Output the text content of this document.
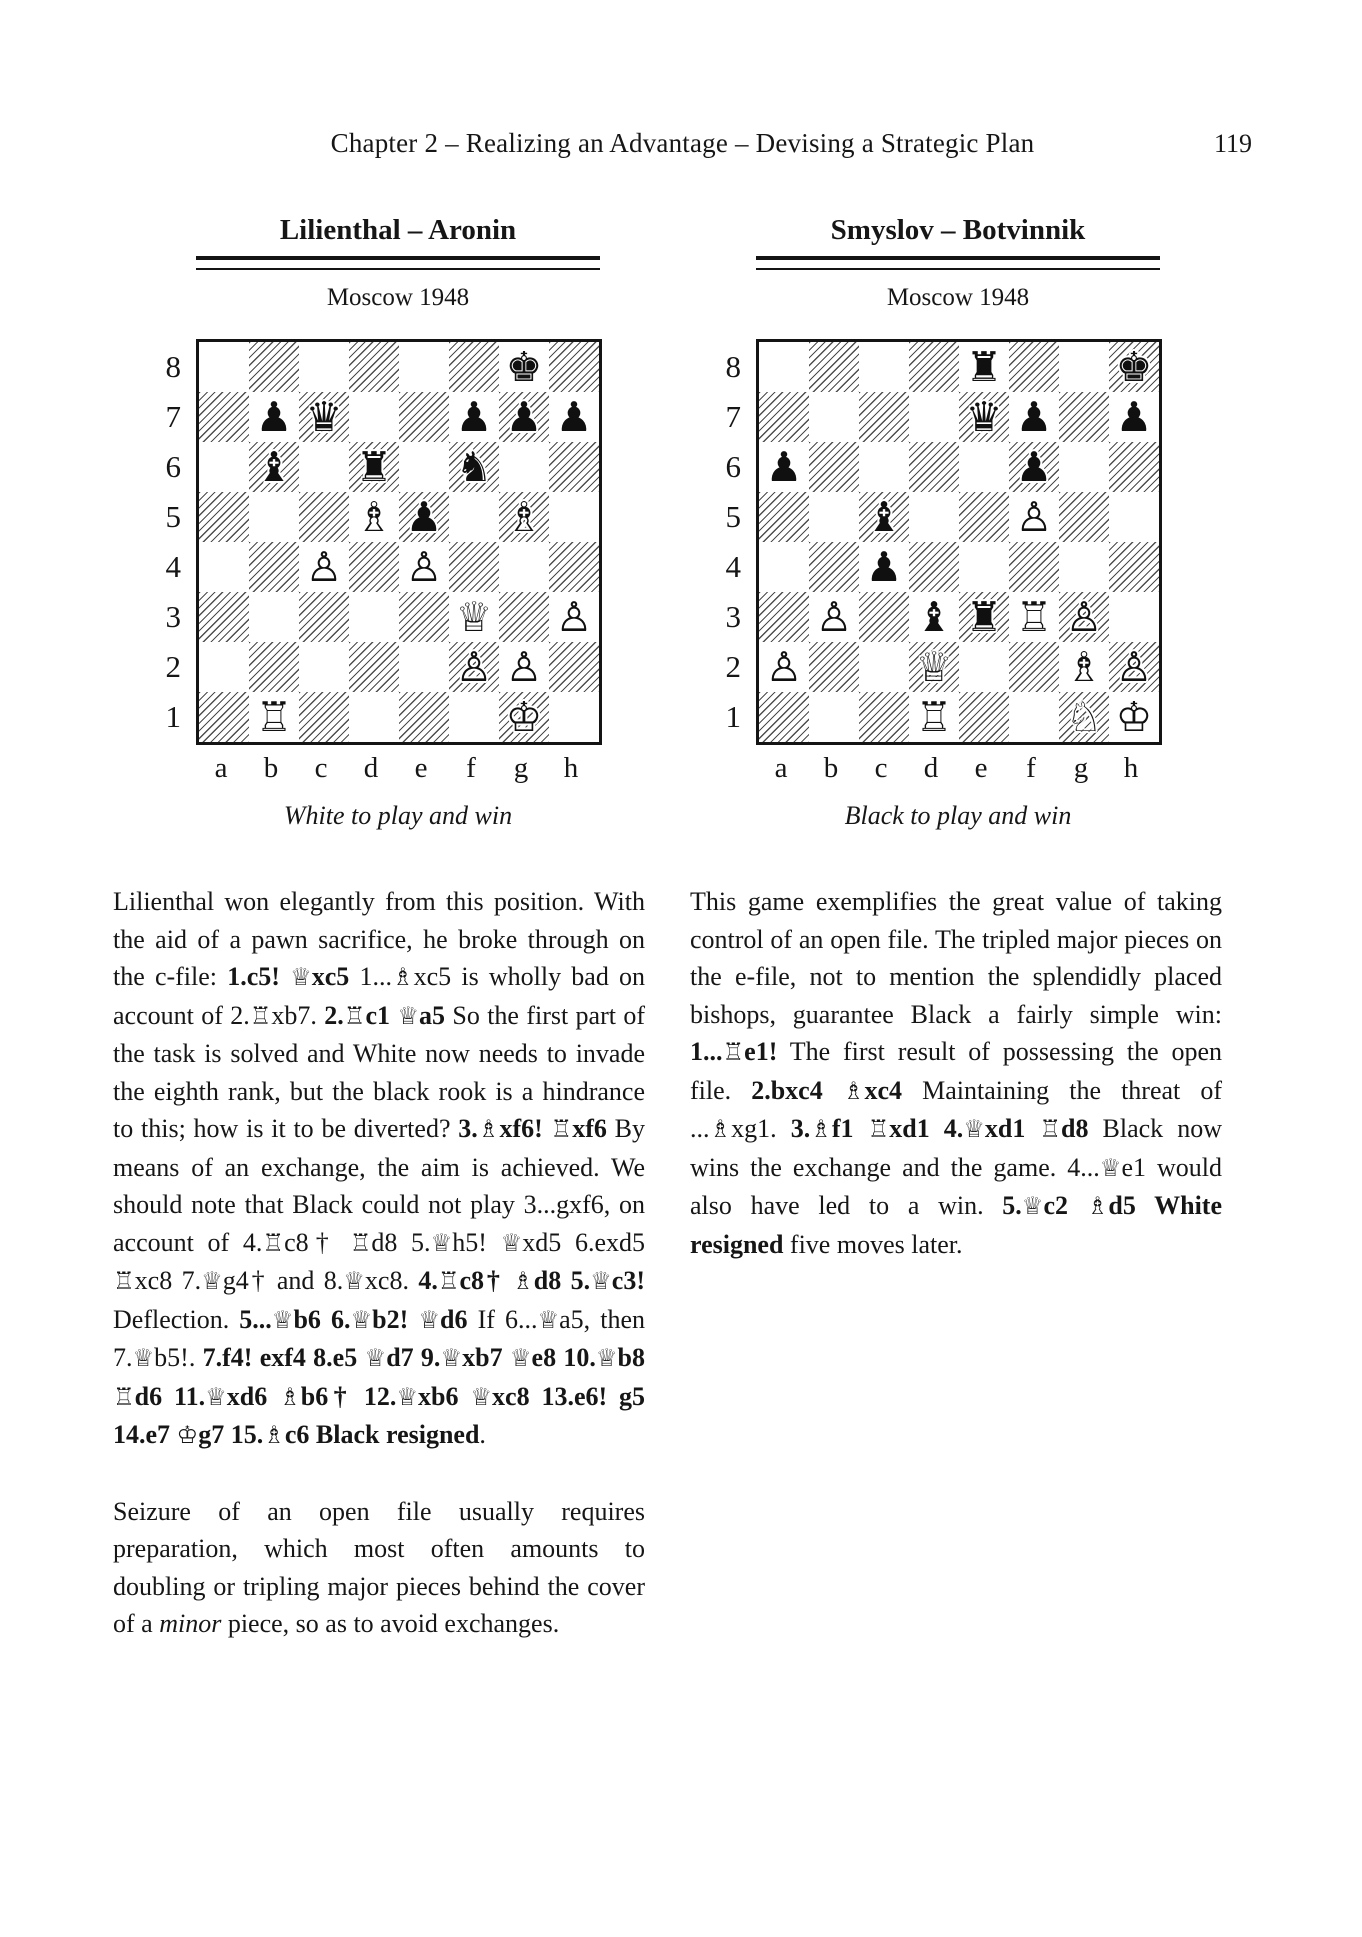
Chapter 2 – Realizing an Advantage – Devising a Strategic Plan	119
Lilienthal – Aronin
Moscow 1948
8
7
6
5
4
3
2
1
♚
♟ ♛	♟ ♟ ♟
♝ ♜ ♞
♗ ♟ ♗
♙ ♙
♕ ♙
♙ ♙
♖	♔
a	b	c	d	e	f	g	h
White to play and win

Lilienthal won elegantly from this position. With the aid of a pawn sacrifice, he broke through on the c-file: 1.c5! ♕xc5 1...♗xc5 is wholly bad on account of 2.♖xb7. 2.♖c1 ♕a5 So the first part of the task is solved and White now needs to invade the eighth rank, but the black rook is a hindrance to this; how is it to be diverted? 3.♗xf6! ♖xf6 By means of an exchange, the aim is achieved. We should note that Black could not play 3...gxf6, on account of 4.♖c8† ♖d8 5.♕h5! ♕xd5 6.exd5 ♖xc8 7.♕g4† and 8.♕xc8. 4.♖c8† ♗d8 5.♕c3! Deflection. 5...♕b6 6.♕b2! ♕d6 If 6...♕a5, then 7.♕b5!. 7.f4! exf4 8.e5 ♕d7 9.♕xb7 ♕e8 10.♕b8 ♖d6 11.♕xd6 ♗b6† 12.♕xb6 ♕xc8 13.e6! g5 14.e7 ♔g7 15.♗c6 Black resigned.

Seizure of an open file usually requires preparation, which most often amounts to doubling or tripling major pieces behind the cover of a minor piece, so as to avoid exchanges.

Smyslov – Botvinnik
Moscow 1948
8
7
6
5
4
3
2
1
♜	♚
♛ ♟ ♟
♟	♟
♝	♙
♟
♙ ♝ ♜ ♖ ♙
♙	♕	♗ ♙
♖	♘ ♔
a	b	c	d	e	f	g	h
Black to play and win

This game exemplifies the great value of taking control of an open file. The tripled major pieces on the e-file, not to mention the splendidly placed bishops, guarantee Black a fairly simple win: 1...♖e1! The first result of possessing the open file. 2.bxc4 ♗xc4 Maintaining the threat of ...♗xg1. 3.♗f1 ♖xd1 4.♕xd1 ♖d8 Black now wins the exchange and the game. 4...♕e1 would also have led to a win. 5.♕c2 ♗d5 White resigned five moves later.
